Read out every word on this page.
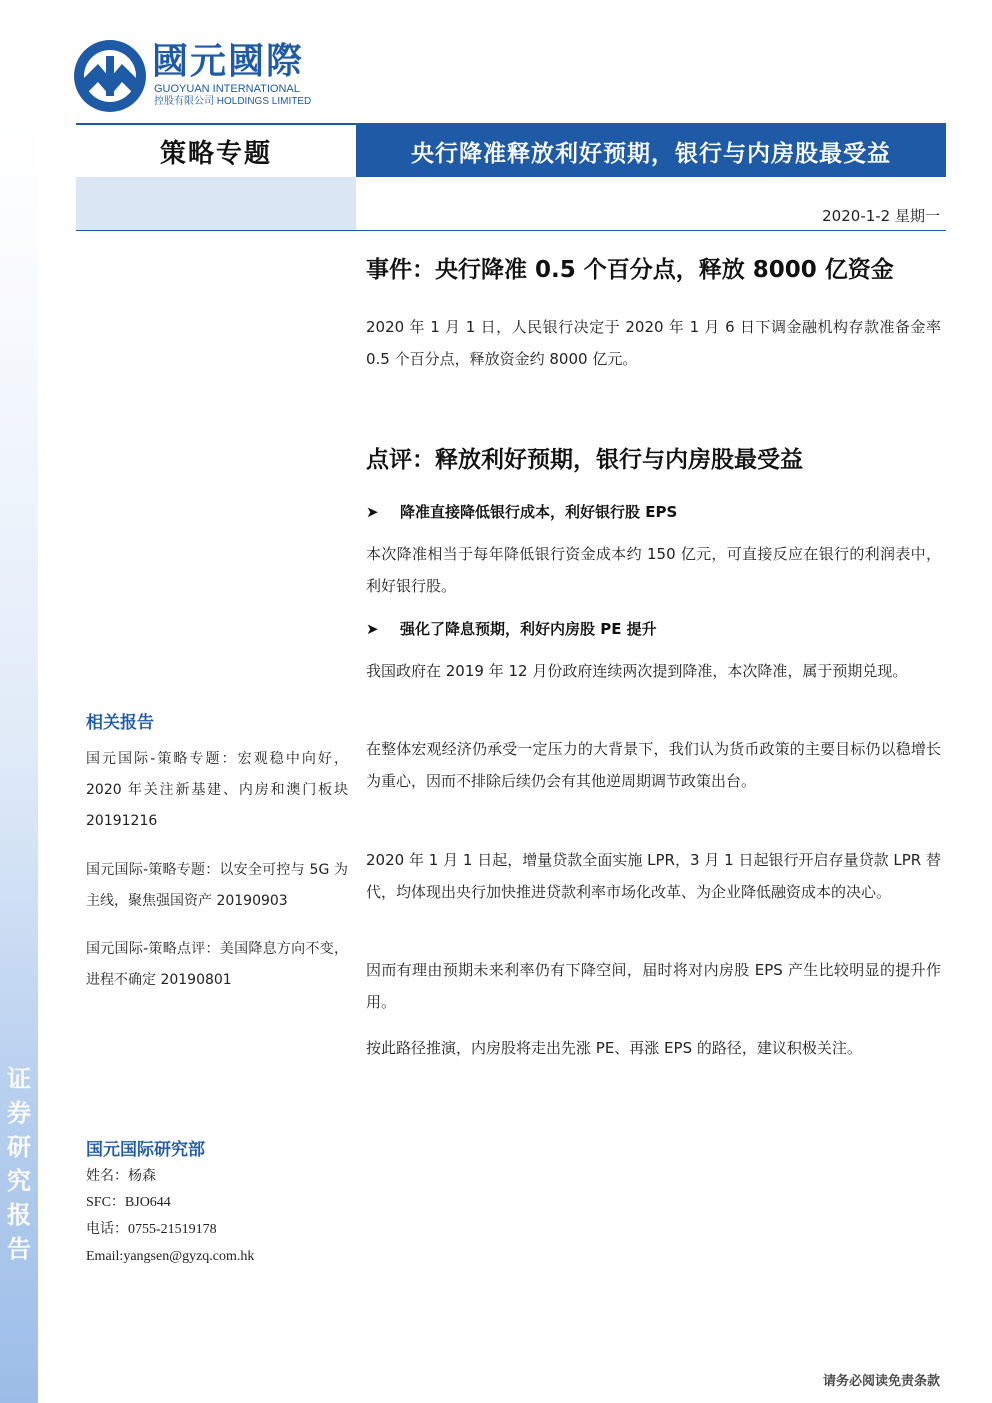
证
券
研
究
报
告
國元國際
GUOYUAN INTERNATIONAL
控股有限公司 HOLDINGS LIMITED
策略专题	央行降准释放利好预期，银行与内房股最受益
2020-1-2 星期一
事件：央行降准 0.5 个百分点，释放 8000 亿资金
2020 年 1 月 1 日，人民银行决定于 2020 年 1 月 6 日下调金融机构存款准备金率 0.5 个百分点，释放资金约 8000 亿元。
点评：释放利好预期，银行与内房股最受益
➤	降准直接降低银行成本，利好银行股 EPS
本次降准相当于每年降低银行资金成本约 150 亿元，可直接反应在银行的利润表中，利好银行股。
➤	强化了降息预期，利好内房股 PE 提升
我国政府在 2019 年 12 月份政府连续两次提到降准，本次降准，属于预期兑现。
在整体宏观经济仍承受一定压力的大背景下，我们认为货币政策的主要目标仍以稳增长为重心，因而不排除后续仍会有其他逆周期调节政策出台。
2020 年 1 月 1 日起，增量贷款全面实施 LPR，3 月 1 日起银行开启存量贷款 LPR 替代，均体现出央行加快推进贷款利率市场化改革、为企业降低融资成本的决心。
因而有理由预期未来利率仍有下降空间，届时将对内房股 EPS 产生比较明显的提升作用。
按此路径推演，内房股将走出先涨 PE、再涨 EPS 的路径，建议积极关注。
相关报告
国元国际-策略专题：宏观稳中向好，2020 年关注新基建、内房和澳门板块 20191216
国元国际-策略专题：以安全可控与 5G 为主线，聚焦强国资产 20190903
国元国际-策略点评：美国降息方向不变，进程不确定 20190801
国元国际研究部
姓名：杨森
SFC：BJO644
电话：0755-21519178
Email:yangsen@gyzq.com.hk
请务必阅读免责条款
